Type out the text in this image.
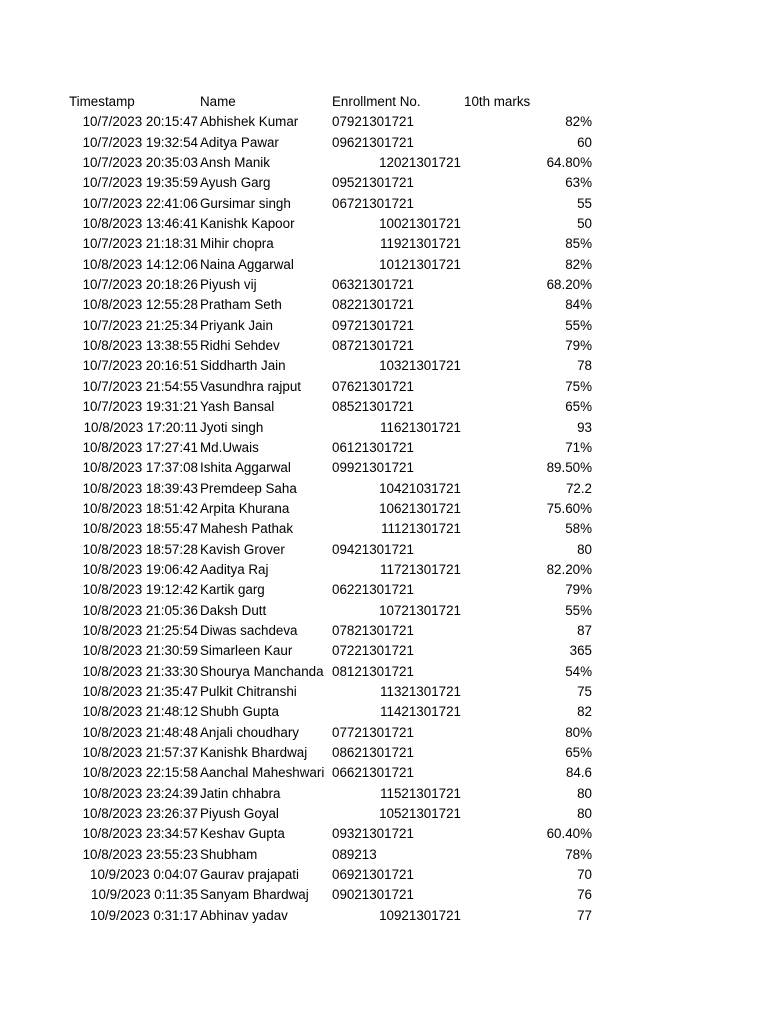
Timestamp	Name	Enrollment No.	10th marks
10/7/2023 20:15:47 Abhishek Kumar	07921301721	82%
10/7/2023 19:32:54 Aditya Pawar	09621301721	60
10/7/2023 20:35:03 Ansh Manik	12021301721	64.80%
10/7/2023 19:35:59 Ayush Garg	09521301721	63%
10/7/2023 22:41:06 Gursimar singh	06721301721	55
10/8/2023 13:46:41 Kanishk Kapoor	10021301721	50
10/7/2023 21:18:31 Mihir chopra	11921301721	85%
10/8/2023 14:12:06 Naina Aggarwal	10121301721	82%
10/7/2023 20:18:26 Piyush vij	06321301721	68.20%
10/8/2023 12:55:28 Pratham Seth	08221301721	84%
10/7/2023 21:25:34 Priyank Jain	09721301721	55%
10/8/2023 13:38:55 Ridhi Sehdev	08721301721	79%
10/7/2023 20:16:51 Siddharth Jain	10321301721	78
10/7/2023 21:54:55 Vasundhra rajput	07621301721	75%
10/7/2023 19:31:21 Yash Bansal	08521301721	65%
10/8/2023 17:20:11 Jyoti singh	11621301721	93
10/8/2023 17:27:41 Md.Uwais	06121301721	71%
10/8/2023 17:37:08 Ishita Aggarwal	09921301721	89.50%
10/8/2023 18:39:43 Premdeep Saha	10421031721	72.2
10/8/2023 18:51:42 Arpita Khurana	10621301721	75.60%
10/8/2023 18:55:47 Mahesh Pathak	11121301721	58%
10/8/2023 18:57:28 Kavish Grover	09421301721	80
10/8/2023 19:06:42 Aaditya Raj	11721301721	82.20%
10/8/2023 19:12:42 Kartik garg	06221301721	79%
10/8/2023 21:05:36 Daksh Dutt	10721301721	55%
10/8/2023 21:25:54 Diwas sachdeva	07821301721	87
10/8/2023 21:30:59 Simarleen Kaur	07221301721	365
10/8/2023 21:33:30 Shourya Manchanda 08121301721	54%
10/8/2023 21:35:47 Pulkit Chitranshi	11321301721	75
10/8/2023 21:48:12 Shubh Gupta	11421301721	82
10/8/2023 21:48:48 Anjali choudhary	07721301721	80%
10/8/2023 21:57:37 Kanishk Bhardwaj	08621301721	65%
10/8/2023 22:15:58 Aanchal Maheshwari 06621301721	84.6
10/8/2023 23:24:39 Jatin chhabra	11521301721	80
10/8/2023 23:26:37 Piyush Goyal	10521301721	80
10/8/2023 23:34:57 Keshav Gupta	09321301721	60.40%
10/8/2023 23:55:23 Shubham	089213	78%
10/9/2023 0:04:07 Gaurav prajapati	06921301721	70
10/9/2023 0:11:35 Sanyam Bhardwaj	09021301721	76
10/9/2023 0:31:17 Abhinav yadav	10921301721	77
